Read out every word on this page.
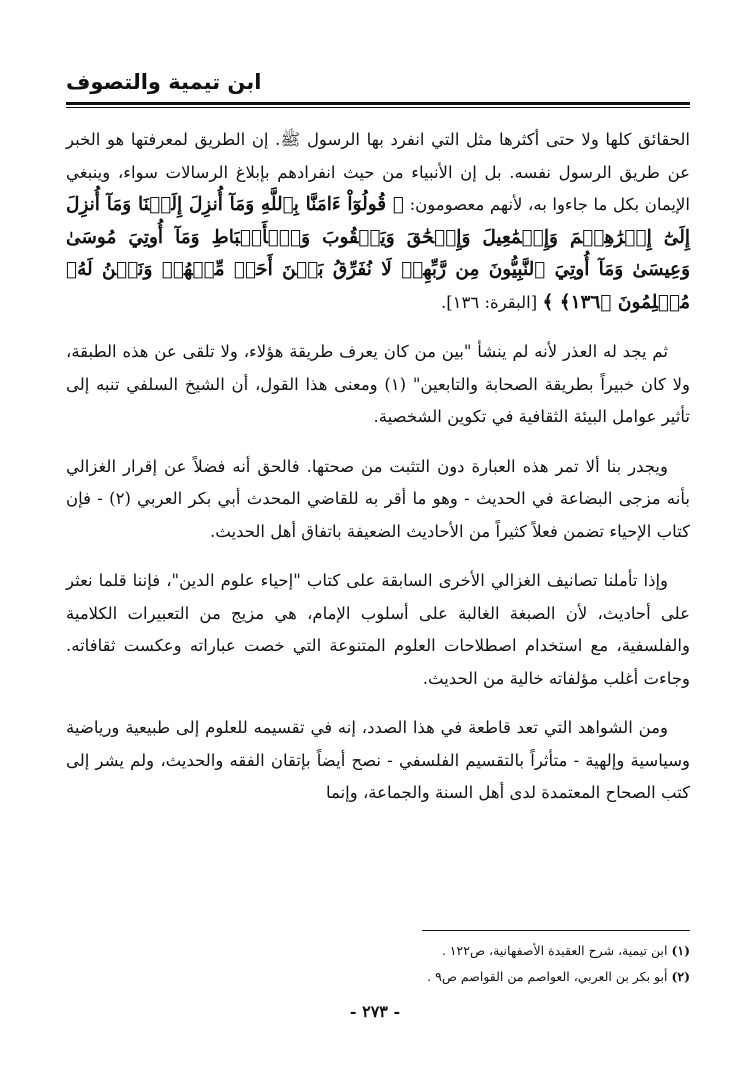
ابن تيمية والتصوف

الحقائق كلها ولا حتى أكثرها مثل التي انفرد بها الرسول ﷺ. إن الطريق لمعرفتها هو الخبر عن طريق الرسول نفسه. بل إن الأنبياء من حيث انفرادهم بإبلاغ الرسالات سواء، وينبغي الإيمان بكل ما جاءوا به، لأنهم معصومون: ﴿ قُولُوٓاْ ءَامَنَّا بِٱللَّهِ وَمَآ أُنزِلَ إِلَيۡنَا وَمَآ أُنزِلَ إِلَىٰٓ إِبۡرَٰهِـۧمَ وَإِسۡمَٰعِيلَ وَإِسۡحَٰقَ وَيَعۡقُوبَ وَٱلۡأَسۡبَاطِ وَمَآ أُوتِيَ مُوسَىٰ وَعِيسَىٰ وَمَآ أُوتِيَ ٱلنَّبِيُّونَ مِن رَّبِّهِمۡ لَا نُفَرِّقُ بَيۡنَ أَحَدٖ مِّنۡهُمۡ وَنَحۡنُ لَهُۥ مُسۡلِمُونَ ﴿١٣٦﴾ ﴾ [البقرة: ١٣٦].

ثم يجد له العذر لأنه لم ينشأ "بين من كان يعرف طريقة هؤلاء، ولا تلقى عن هذه الطبقة، ولا كان خبيراً بطريقة الصحابة والتابعين" (١) ومعنى هذا القول، أن الشيخ السلفي تنبه إلى تأثير عوامل البيئة الثقافية في تكوين الشخصية.

ويجدر بنا ألا تمر هذه العبارة دون التثبت من صحتها. فالحق أنه فضلاً عن إقرار الغزالي بأنه مزجى البضاعة في الحديث - وهو ما أقر به للقاضي المحدث أبي بكر العربي (٢) - فإن كتاب الإحياء تضمن فعلاً كثيراً من الأحاديث الضعيفة باتفاق أهل الحديث.

وإذا تأملنا تصانيف الغزالي الأخرى السابقة على كتاب "إحياء علوم الدين"، فإننا قلما نعثر على أحاديث، لأن الصبغة الغالبة على أسلوب الإمام، هي مزيج من التعبيرات الكلامية والفلسفية، مع استخدام اصطلاحات العلوم المتنوعة التي خصت عباراته وعكست ثقافاته. وجاءت أغلب مؤلفاته خالية من الحديث.

ومن الشواهد التي تعد قاطعة في هذا الصدد، إنه في تقسيمه للعلوم إلى طبيعية ورياضية وسياسية وإلهية - متأثراً بالتقسيم الفلسفي - نصح أيضاً بإتقان الفقه والحديث، ولم يشر إلى كتب الصحاح المعتمدة لدى أهل السنة والجماعة، وإنما

(١) ابن تيمية، شرح العقيدة الأصفهانية، ص١٢٢ .
(٢) أبو بكر بن العربي، العواصم من القواصم ص٩ .
- ٢٧٣ -
